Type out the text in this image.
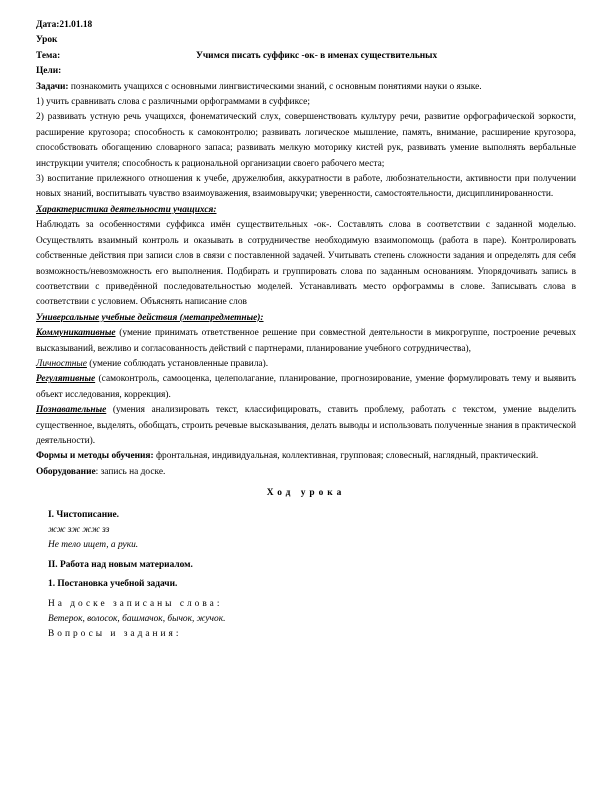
Дата:21.01.18
Урок
Тема:	Учимся писать суффикс -ок- в именах существительных
Цели:
Задачи: познакомить учащихся с основными лингвистическими знаний, с основным понятиями науки о языке.
1) учить сравнивать слова с различными орфограммами в суффиксе;
2) развивать устную речь учащихся, фонематический слух, совершенствовать культуру речи, развитие орфографической зоркости, расширение кругозора; способность к самоконтролю; развивать логическое мышление, память, внимание, расширение кругозора, способствовать обогащению словарного запаса; развивать мелкую моторику кистей рук, развивать умение выполнять вербальные инструкции учителя; способность к рациональной организации своего рабочего места;
3) воспитание прилежного отношения к учебе, дружелюбия, аккуратности в работе, любознательности, активности при получении новых знаний, воспитывать чувство взаимоуважения, взаимовыручки; уверенности, самостоятельности, дисциплинированности.
Характеристика деятельности учащихся:
Наблюдать за особенностями суффикса имён существительных -ок-. Составлять слова в соответствии с заданной моделью. Осуществлять взаимный контроль и оказывать в сотрудничестве необходимую взаимопомощь (работа в паре). Контролировать собственные действия при записи слов в связи с поставленной задачей. Учитывать степень сложности задания и определять для себя возможность/невозможность его выполнения. Подбирать и группировать слова по заданным основаниям. Упорядочивать запись в соответствии с приведённой последовательностью моделей. Устанавливать место орфограммы в слове. Записывать слова в соответствии с условием. Объяснять написание слов
Универсальные учебные действия (метапредметные):
Коммуникативные (умение принимать ответственное решение при совместной деятельности в микрогруппе, построение речевых высказываний, вежливо и согласованность действий с партнерами, планирование учебного сотрудничества),
Личностные (умение соблюдать установленные правила).
Регулятивные (самоконтроль, самооценка, целеполагание, планирование, прогнозирование, умение формулировать тему и выявить объект исследования, коррекция).
Познавательные (умения анализировать текст, классифицировать, ставить проблему, работать с текстом, умение выделить существенное, выделять, обобщать, строить речевые высказывания, делать выводы и использовать полученные знания в практической деятельности).
Формы и методы обучения: фронтальная, индивидуальная, коллективная, групповая; словесный, наглядный, практический.
Оборудование: запись на доске.
Ход урока
I. Чистописание.
жж зж жж зз
Не тело ищет, а руки.
II. Работа над новым материалом.
1. Постановка учебной задачи.
На доске записаны слова:
Ветерок, волосок, башмачок, бычок, жучок.
Вопросы и задания:
